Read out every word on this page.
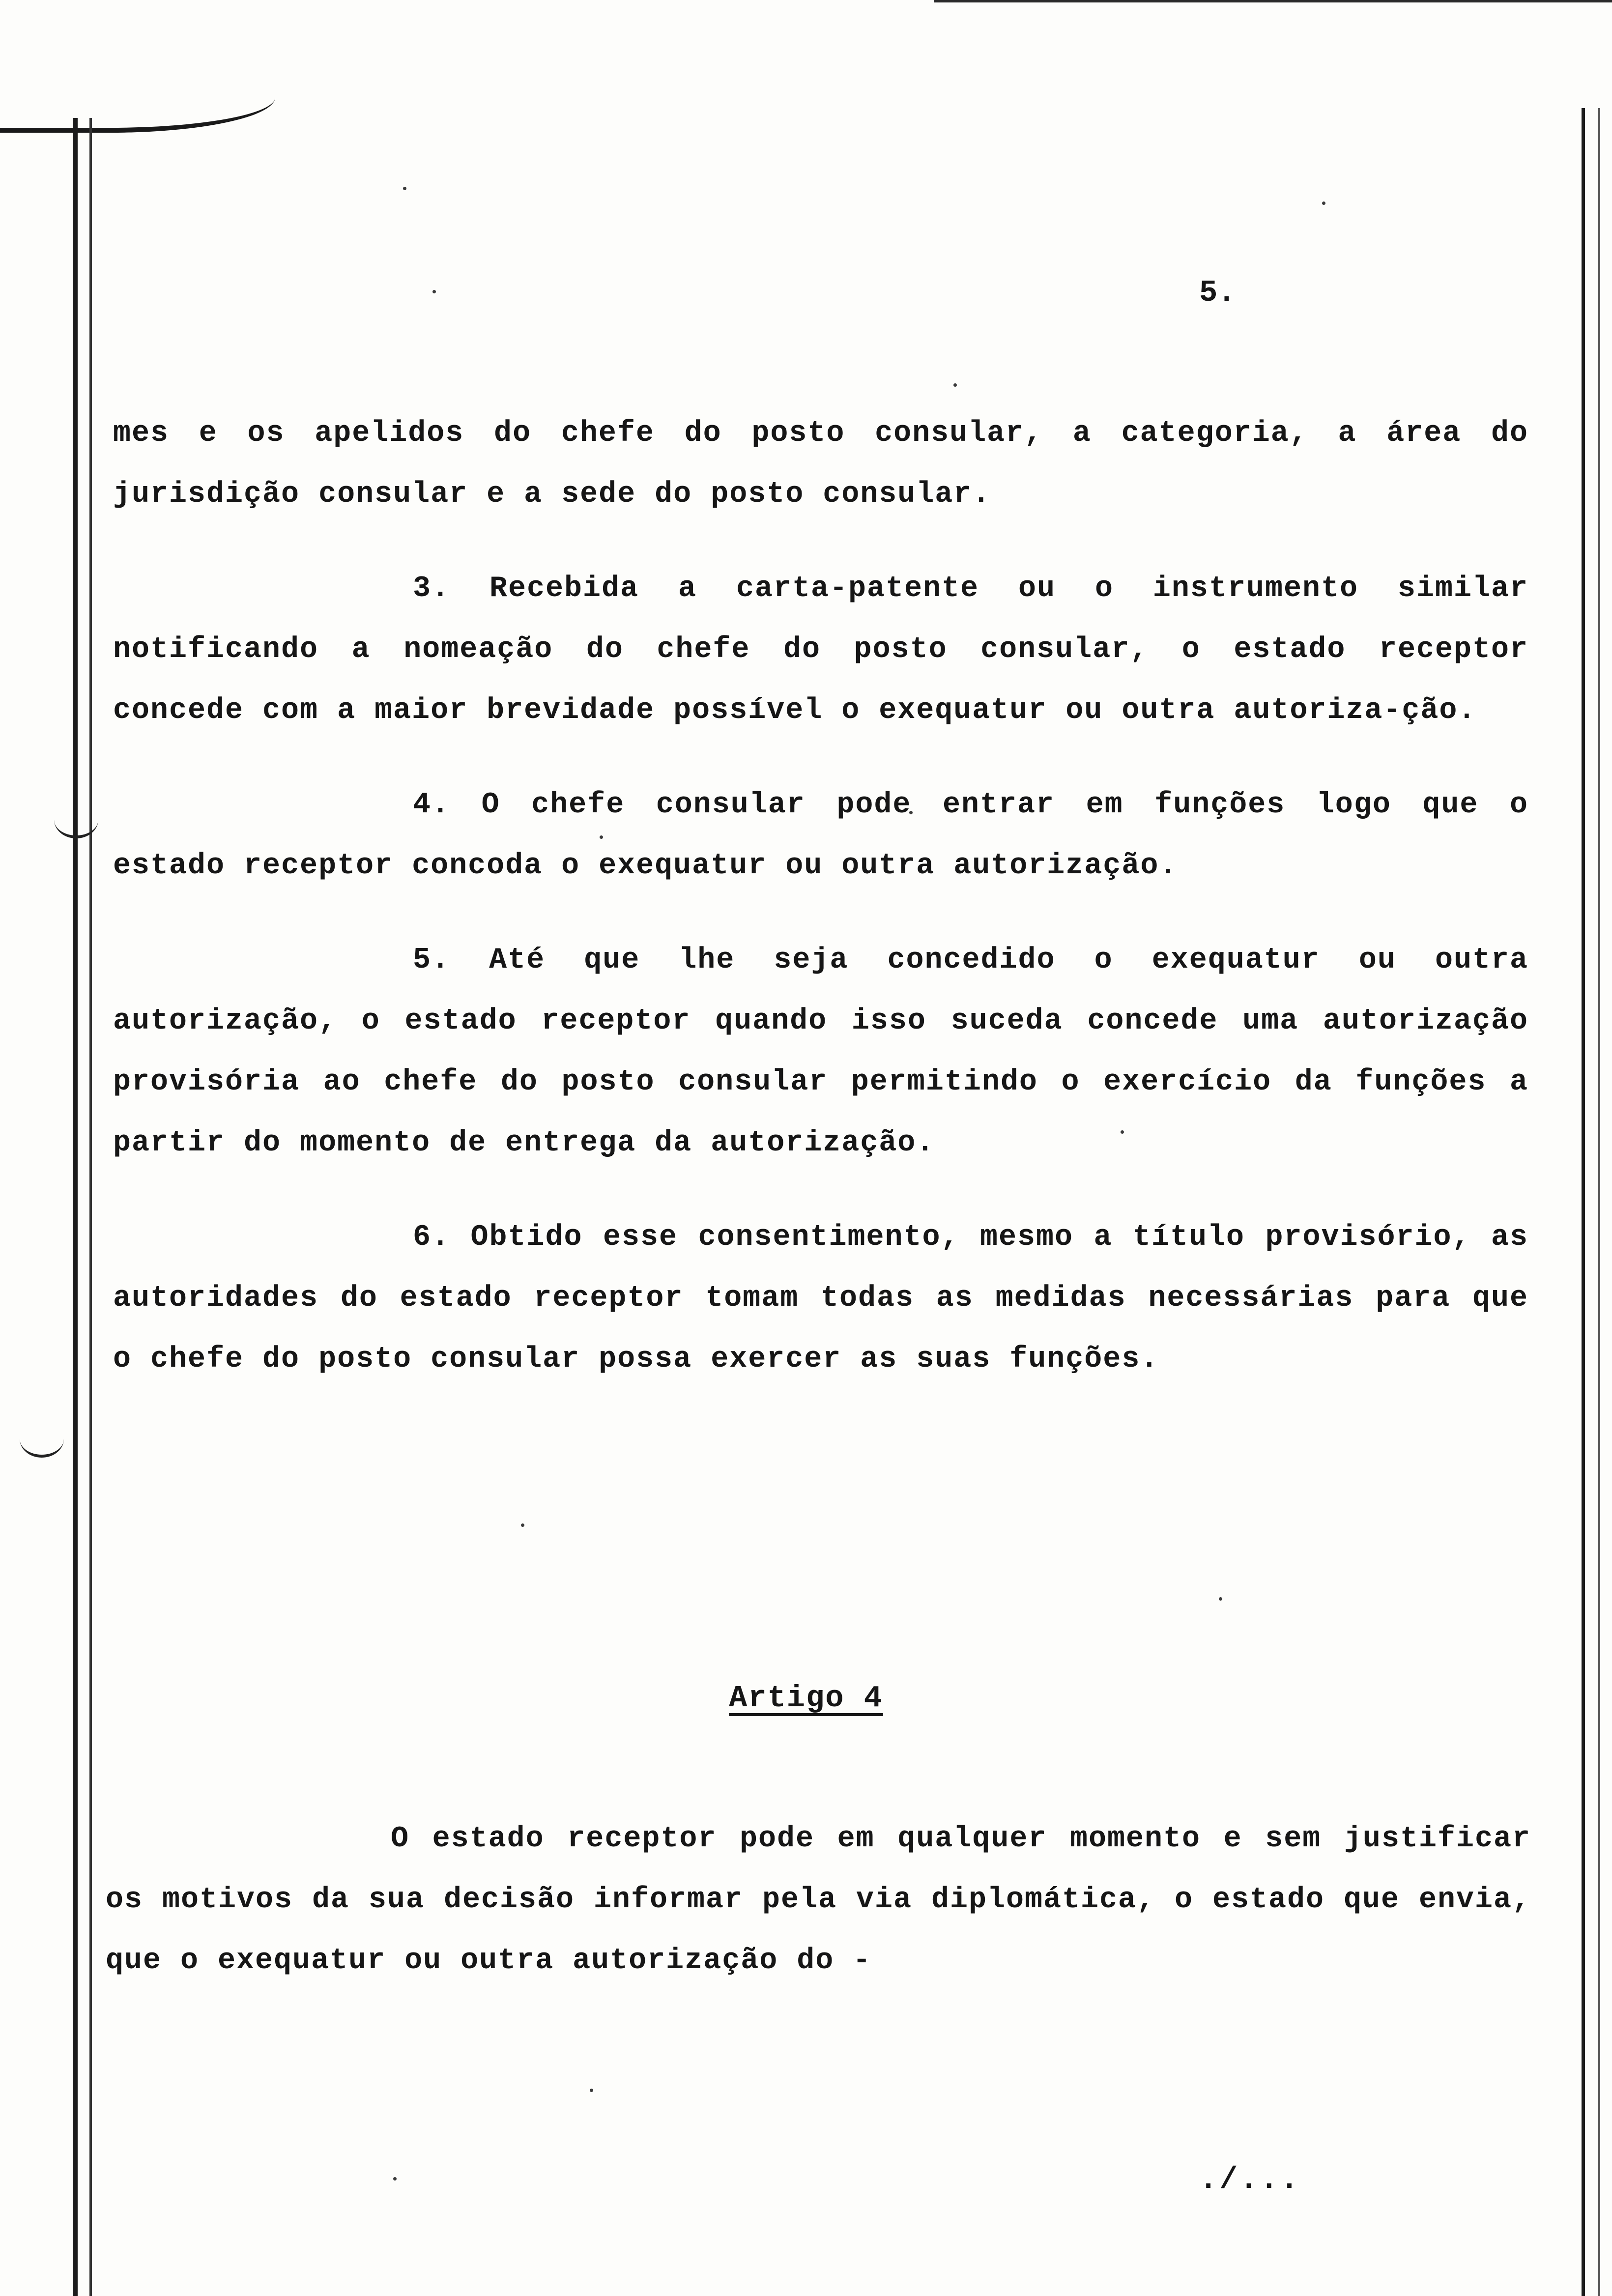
5.

mes e os apelidos do chefe do posto consular, a categoria, a área do jurisdição consular e a sede do posto consular.

3. Recebida a carta-patente ou o instrumento similar notificando a nomeação do chefe do posto consular, o estado receptor concede com a maior brevidade possível o exequatur ou outra autoriza-ção.

4. O chefe consular pode entrar em funções logo que o estado receptor concoda o exequatur ou outra autorização.

5. Até que lhe seja concedido o exequatur ou outra autorização, o estado receptor quando isso suceda concede uma autorização provisória ao chefe do posto consular permitindo o exercício da funções a partir do momento de entrega da autorização.

6. Obtido esse consentimento, mesmo a título provisório, as autoridades do estado receptor tomam todas as medidas necessárias para que o chefe do posto consular possa exercer as suas funções.

Artigo 4

O estado receptor pode em qualquer momento e sem justificar os motivos da sua decisão informar pela via diplomática, o estado que envia, que o exequatur ou outra autorização do -

./...
